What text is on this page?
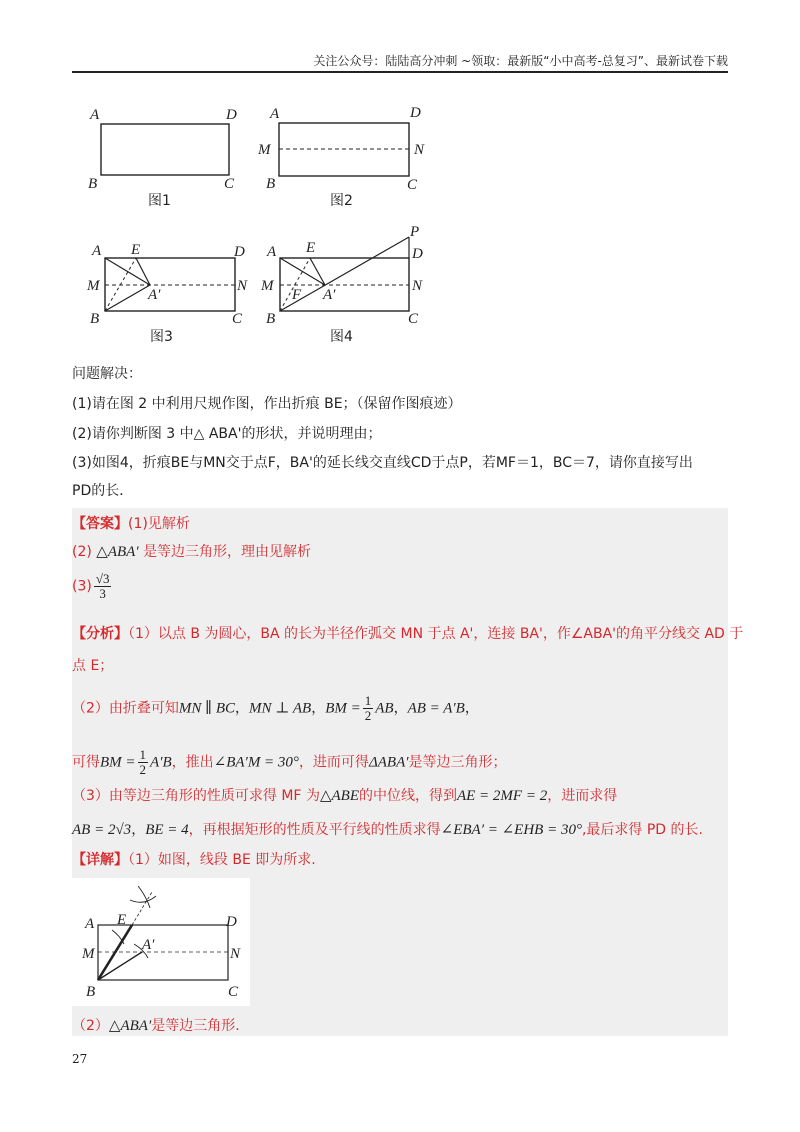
关注公众号：陆陆高分冲刺 ~领取：最新版“小中高考-总复习”、最新试卷下载
A	D
B	C
图1
A	D
M	N
B	C
图2
A E	D
M
A′
N
B	C
图3
A E
P
D
M
F A′
N
B	C
图4
问题解决：
(1)请在图 2 中利用尺规作图，作出折痕 BE；（保留作图痕迹）
(2)请你判断图 3 中△ ABA'的形状，并说明理由；
(3)如图4，折痕BE与MN交于点F，BA'的延长线交直线CD于点P，若MF＝1，BC＝7，请你直接写出
PD的长．
【答案】(1)见解析
(2) △ABA′ 是等边三角形，理由见解析
$(3) \frac{√3}{3}$
【分析】（1）以点 B 为圆心，BA 的长为半径作弧交 MN 于点 A'，连接 BA'，作∠ABA'的角平分线交 AD 于
点 E；
（2）由折叠可知MN ∥ BC，MN ⊥ AB，BM = $\frac{1}{2}$ AB，AB = A′B，
可得BM = $\frac{1}{2} A'B$，推出∠BA′M = 30°，进而可得ΔABA′是等边三角形；
（3）由等边三角形的性质可求得 MF 为△ABE的中位线，得到AE = 2MF = 2，进而求得
AB = 2√3，BE = 4，再根据矩形的性质及平行线的性质求得∠EBA′ = ∠EHB = 30°,最后求得 PD 的长.
【详解】（1）如图，线段 BE 即为所求.
A E	D
M
A′
N
B	C
（2）△ABA′是等边三角形.
27
